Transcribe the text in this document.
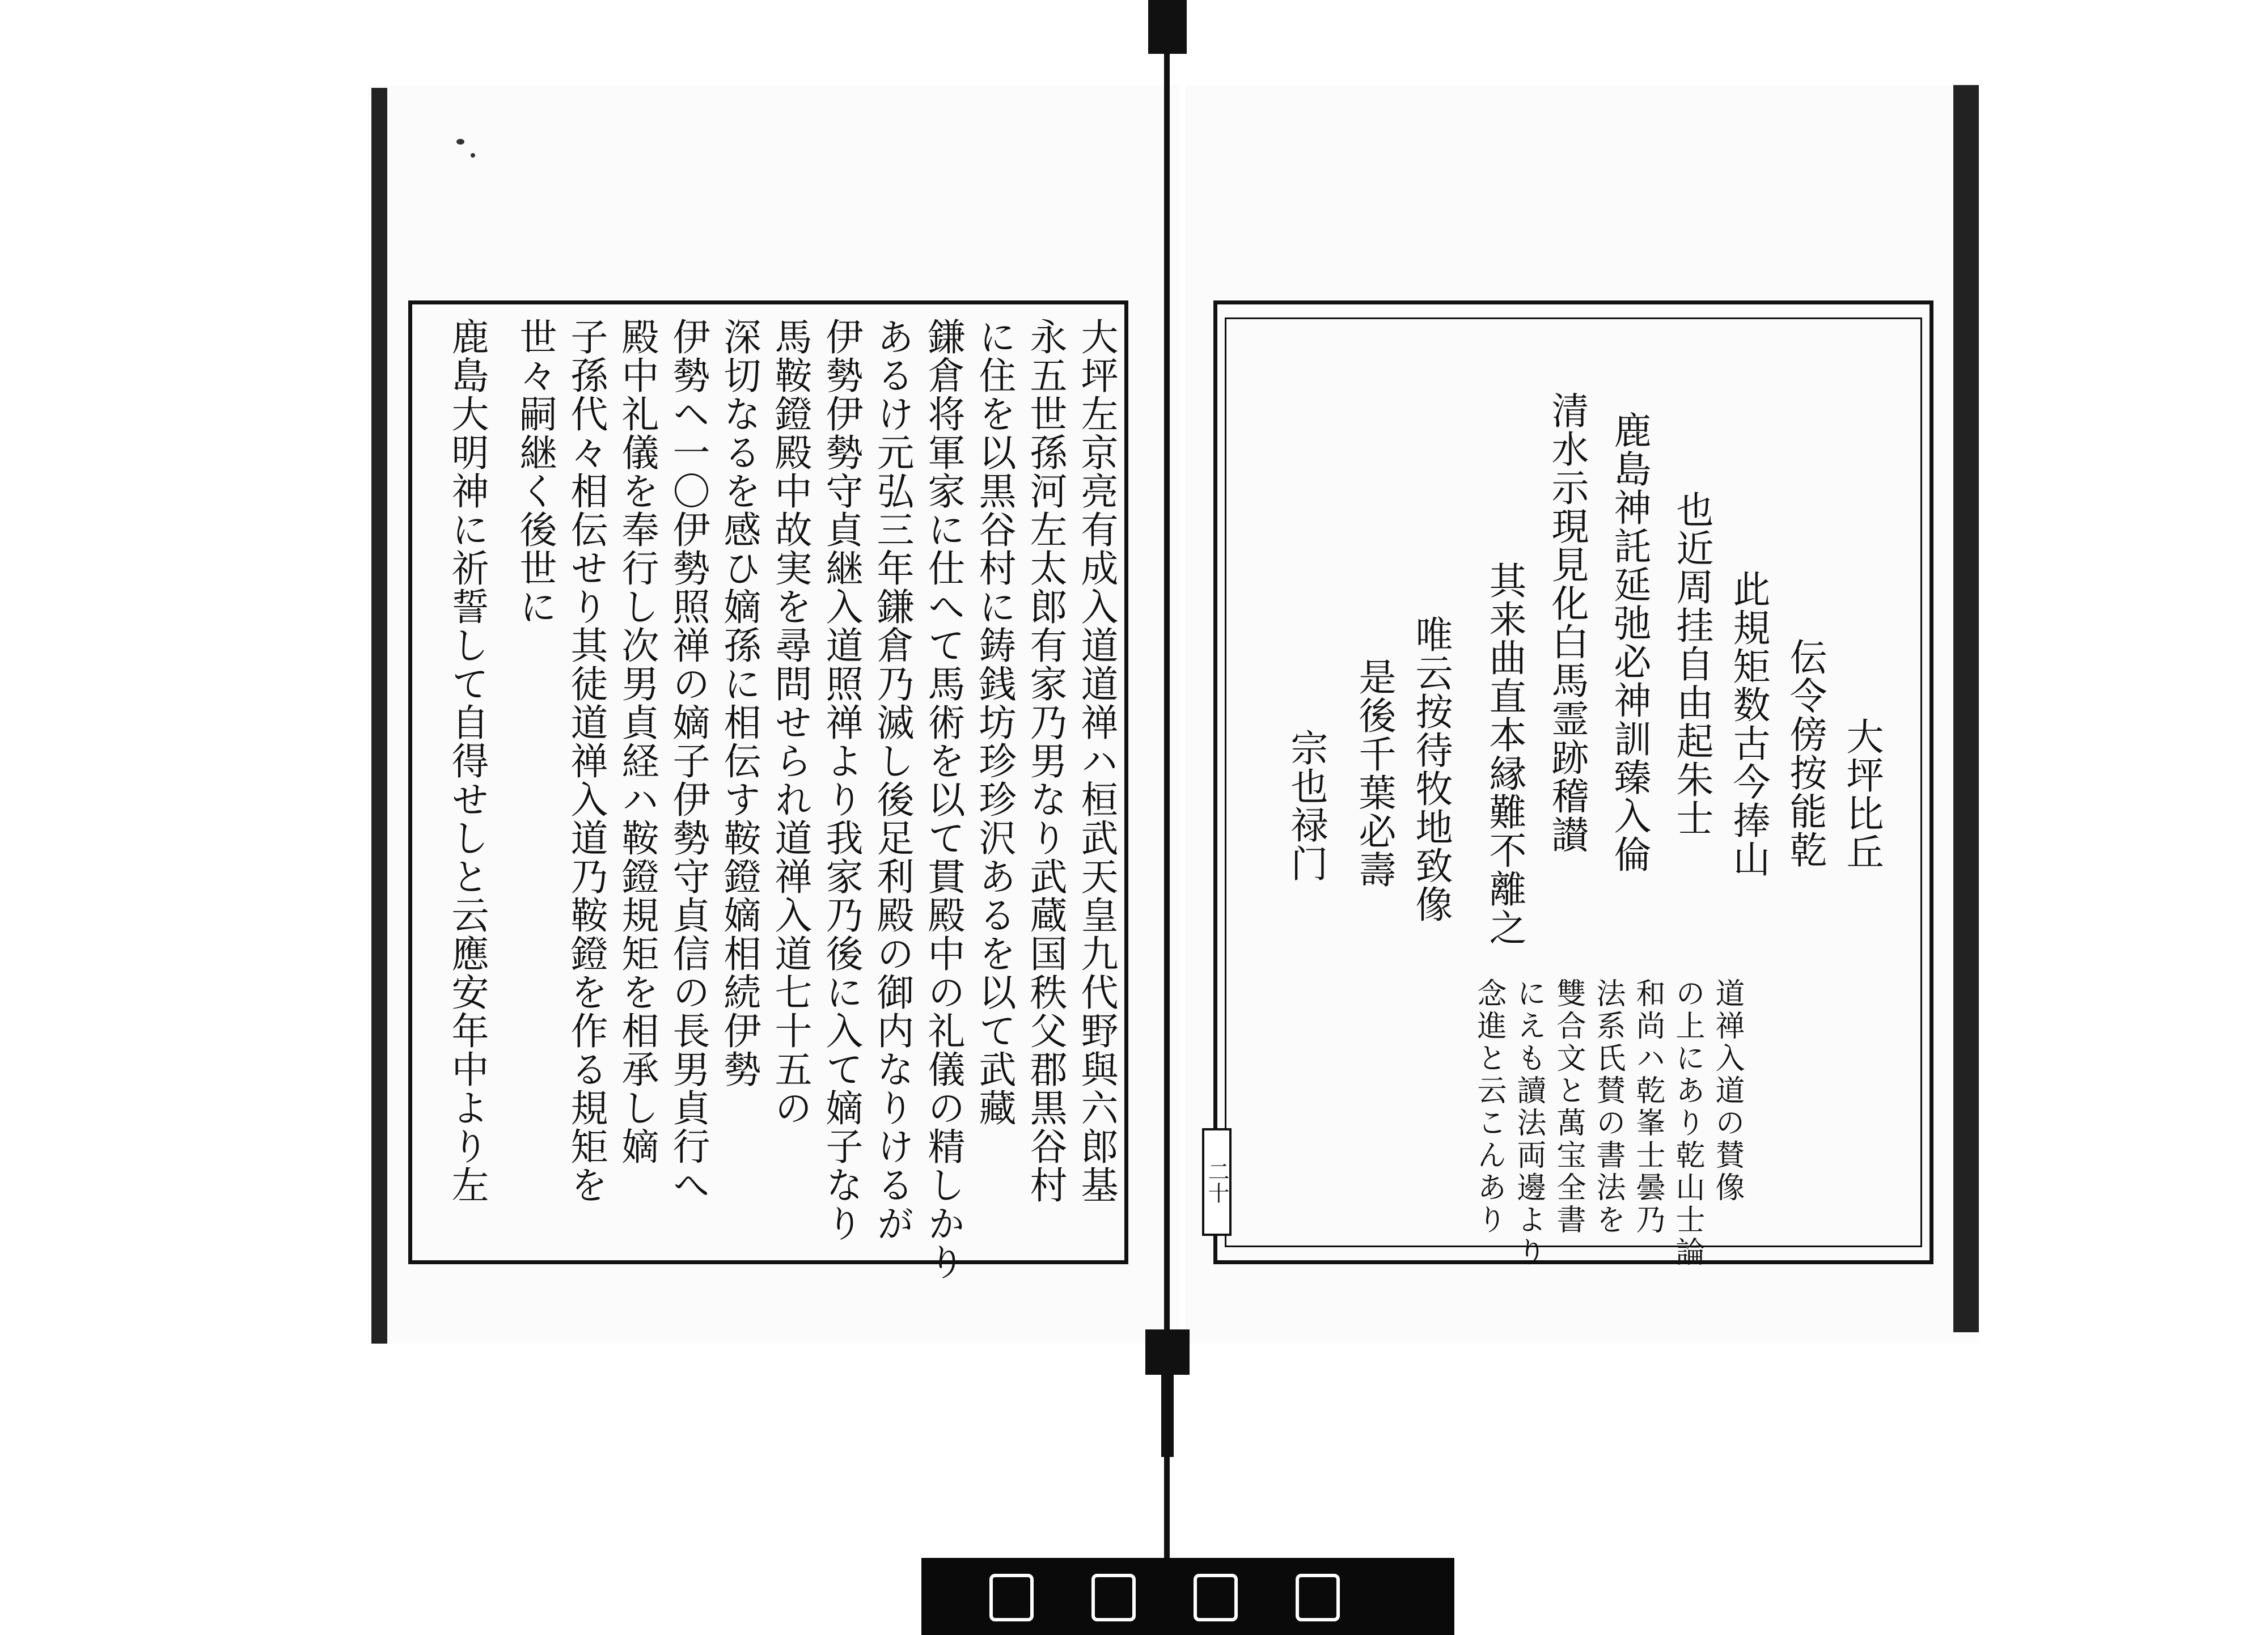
大坪左京亮有成入道道禅ハ桓武天皇九代野與六郎基
永五世孫河左太郎有家乃男なり武蔵国秩父郡黒谷村
に住を以黒谷村に鋳銭坊珍珍沢あるを以て武藏
鎌倉将軍家に仕へて馬術を以て貫殿中の礼儀の精しかり
あるけ元弘三年鎌倉乃滅し後足利殿の御内なりけるが
伊勢伊勢守貞継入道照禅より我家乃後に入て嫡子なり
馬鞍鐙殿中故実を尋問せられ道禅入道七十五の
深切なるを感ひ嫡孫に相伝す鞍鐙嫡相続伊勢
伊勢ヘ一〇伊勢照禅の嫡子伊勢守貞信の長男貞行へ
殿中礼儀を奉行し次男貞経ハ鞍鐙規矩を相承し嫡
子孫代々相伝せり其徒道禅入道乃鞍鐙を作る規矩を
世々嗣継く後世に
鹿島大明神に祈誓して自得せしと云應安年中より左	大坪比丘
伝令傍按能乾
此規矩数古今捧山
也近周挂自由起朱士
鹿島神託延弛必神訓臻入倫
清水示現見化白馬霊跡稽讃
其来曲直本縁難不離之
唯云按待牧地致像
是後千葉必壽
宗也禄门
道禅入道の賛像
の上にあり乾山士論
和尚ハ乾峯士曇乃
法系氏賛の書法を
雙合文と萬宝全書
にえも讀法両邊より
念進と云こんあり
二十
